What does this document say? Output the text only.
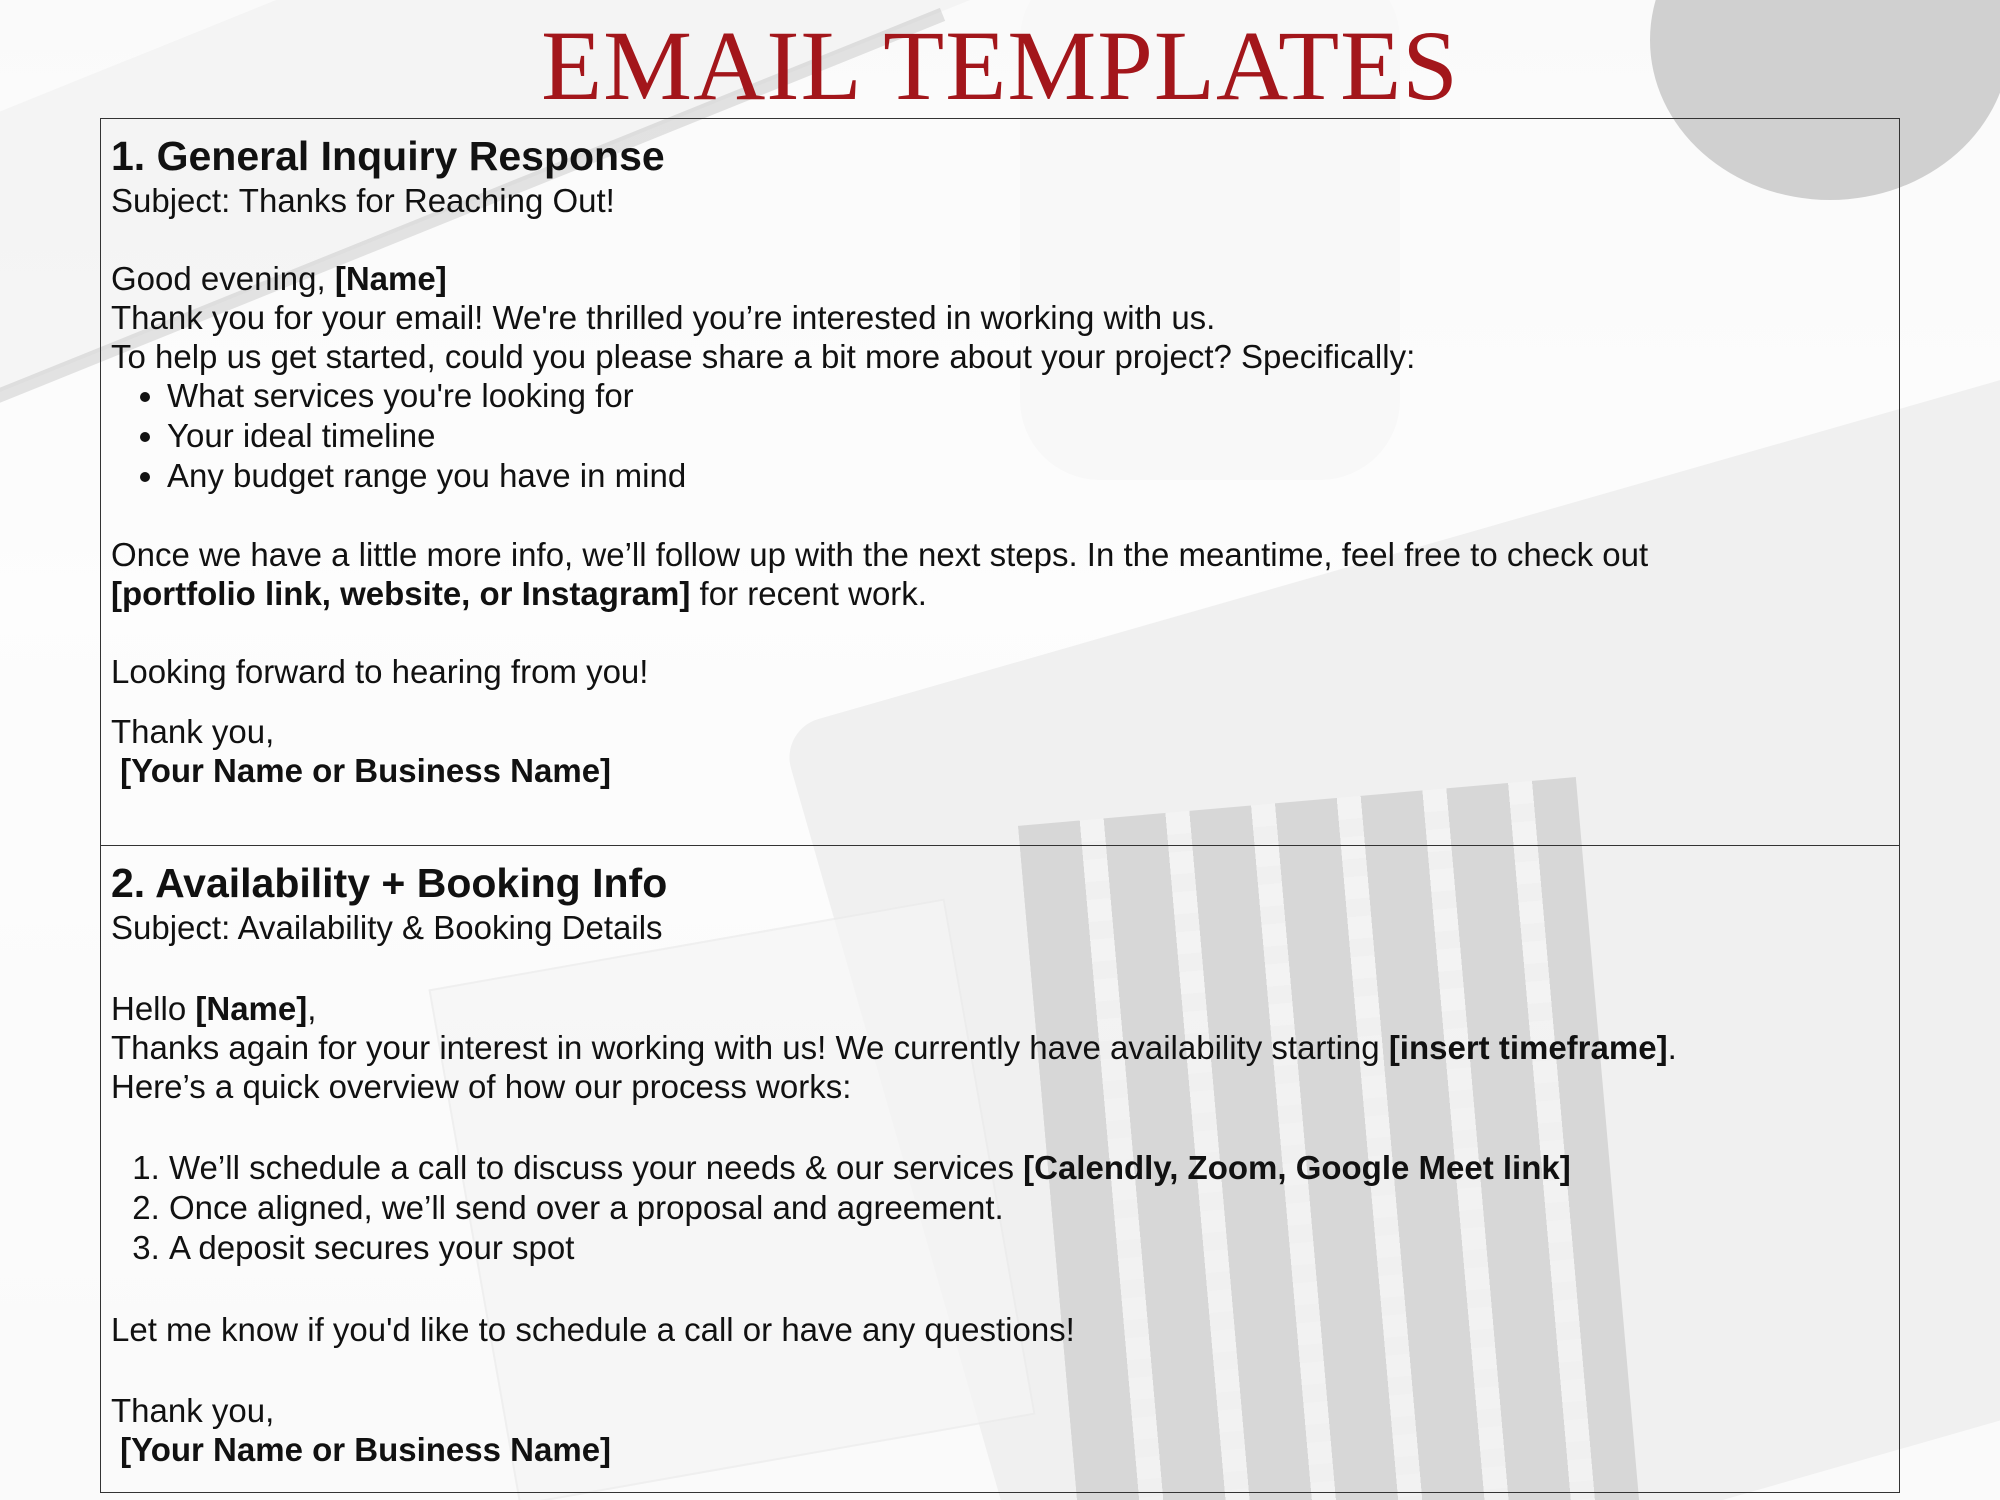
EMAIL TEMPLATES
1. General Inquiry Response

Subject: Thanks for Reaching Out!

Good evening, [Name]

Thank you for your email! We're thrilled you’re interested in working with us.

To help us get started, could you please share a bit more about your project? Specifically:

• What services you're looking for
• Your ideal timeline
• Any budget range you have in mind

Once we have a little more info, we’ll follow up with the next steps. In the meantime, feel free to check out
[portfolio link, website, or Instagram] for recent work.

Looking forward to hearing from you!

Thank you,

[Your Name or Business Name]

2. Availability + Booking Info

Subject: Availability & Booking Details

Hello [Name],

Thanks again for your interest in working with us! We currently have availability starting [insert timeframe].

Here’s a quick overview of how our process works:

1. We’ll schedule a call to discuss your needs & our services [Calendly, Zoom, Google Meet link]
2. Once aligned, we’ll send over a proposal and agreement.
3. A deposit secures your spot

Let me know if you'd like to schedule a call or have any questions!

Thank you,

[Your Name or Business Name]
